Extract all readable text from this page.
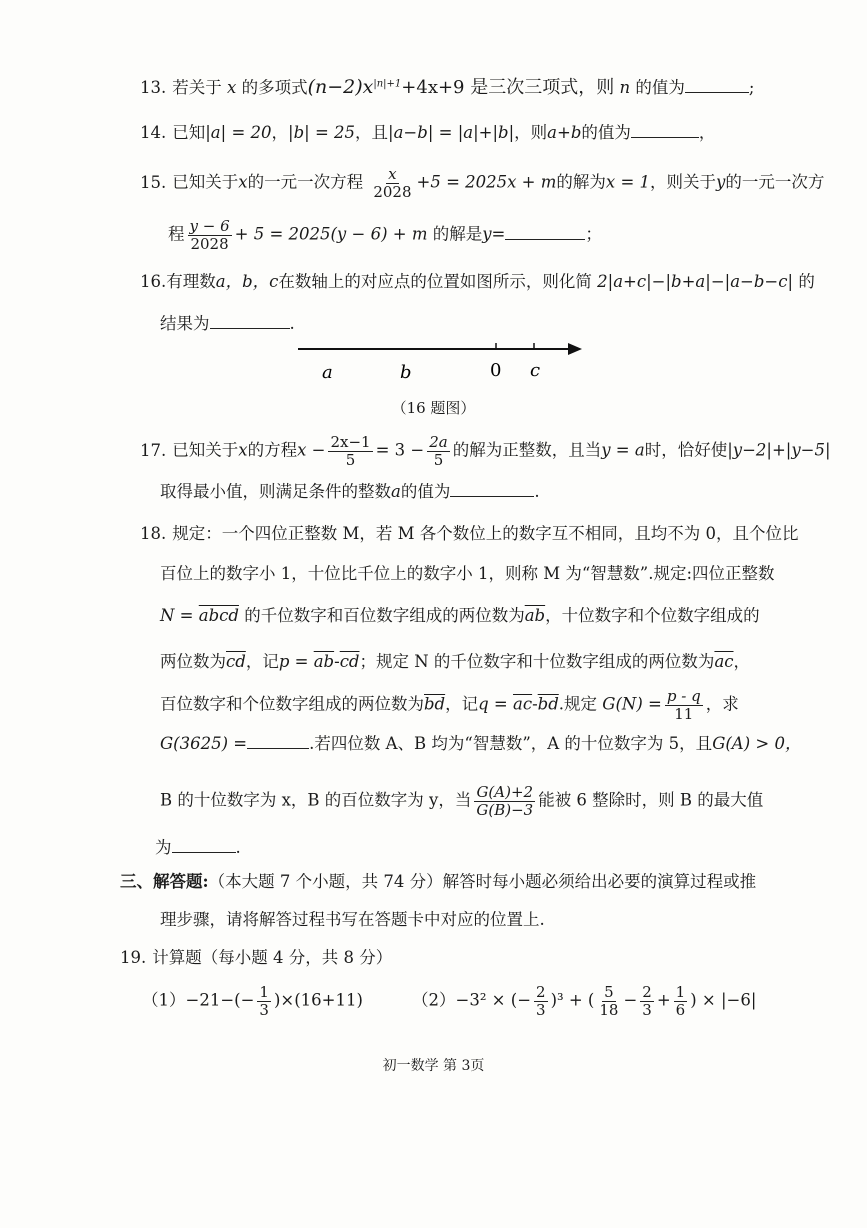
13. 若关于 x 的多项式$(n-2)x^{|n|+1}+4x+9$ 是三次三项式，则 n 的值为	;
14. 已知|a| = 20，|b| = 25，且|a−b| = |a|+|b|，则a+b的值为	，
15. 已知关于x的一元一次方程 $\frac{x}{2028} +5 = 2025x + m$的解为x = 1，则关于y的一元一次方
程 $\frac{y - 6}{2028} + 5 = 2025(y - 6) + m$ 的解是y=	；
16.有理数a，b，c在数轴上的对应点的位置如图所示，则化简 2|a+c|−|b+a|−|a−b−c| 的
结果为	.
a	b	0 c
（16 题图）
17. 已知关于x的方程$x - \frac{2x-1}{5} = 3 - \frac{2a}{5}$ 的解为正整数，且当y = a时，恰好使|y−2|+|y−5|
取得最小值，则满足条件的整数a的值为	.
18. 规定：一个四位正整数 M，若 M 各个数位上的数字互不相同，且均不为 0，且个位比
百位上的数字小 1，十位比千位上的数字小 1，则称 M 为“智慧数”.规定:四位正整数
N = abcd 的千位数字和百位数字组成的两位数为$\overline{ab}$，十位数字和个位数字组成的
两位数为$\overline{cd}$，记$p = \overline{ab}-\overline{cd}$；规定 N 的千位数字和十位数字组成的两位数为$\overline{ac}$，
百位数字和个位数字组成的两位数为$\overline{bd}$，记$q = \overline{ac}-\overline{bd}$.规定 $G(N) = \frac{p - q}{11}$ ，求
G(3625) =	.若四位数 A、B 均为“智慧数”，A 的十位数字为 5，且G(A) > 0，
B 的十位数字为 x，B 的百位数字为 y，当 $\frac{G(A)+2}{G(B)-3}$ 能被 6 整除时，则 B 的最大值
为	.
三、解答题:（本大题 7 个小题，共 74 分）解答时每小题必须给出必要的演算过程或推
理步骤，请将解答过程书写在答题卡中对应的位置上.
19. 计算题（每小题 4 分，共 8 分）
$(1)-21-(- \frac{1}{3} )\times(16+11)$	（2）−3² × (− $\frac{2}{3} )^3$ + ( $\frac{5}{18} - \frac{2}{3} + \frac{1}{6}$ ) × |−6|
初一数学 第 3页
